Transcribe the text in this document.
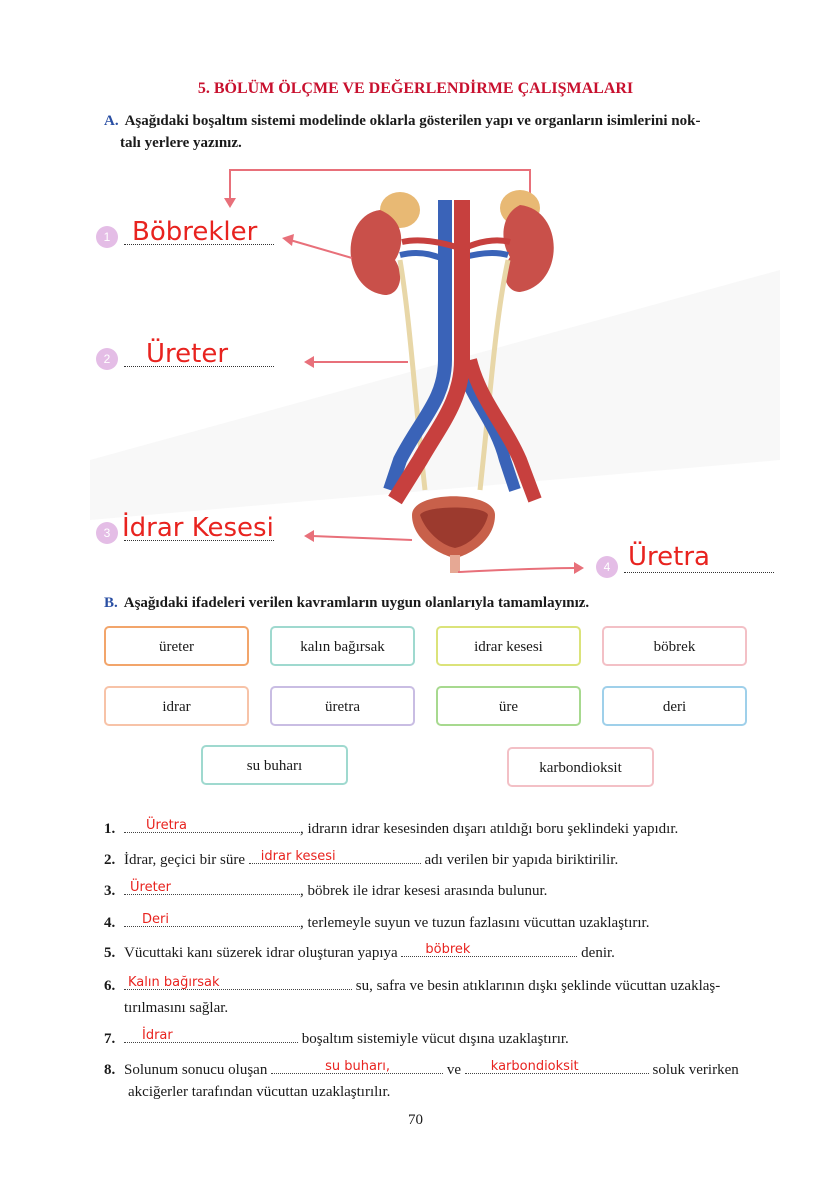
5. BÖLÜM ÖLÇME VE DEĞERLENDİRME ÇALIŞMALARI
A. Aşağıdaki boşaltım sistemi modelinde oklarla gösterilen yapı ve organların isimlerini nok-
talı yerlere yazınız.
1 Böbrekler
2 Üreter
3 İdrar Kesesi
4 Üretra
B. Aşağıdaki ifadeleri verilen kavramların uygun olanlarıyla tamamlayınız.
üreter	kalın bağırsak	idrar kesesi	böbrek
idrar	üretra	üre	deri
su buharı	karbondioksit
1. Üretra	, idrarın idrar kesesinden dışarı atıldığı boru şeklindeki yapıdır.
2. İdrar, geçici bir süre idrar kesesi	adı verilen bir yapıda biriktirilir.
3. Üreter	, böbrek ile idrar kesesi arasında bulunur.
4. Deri	, terlemeyle suyun ve tuzun fazlasını vücuttan uzaklaştırır.
5. Vücuttaki kanı süzerek idrar oluşturan yapıya böbrek	denir.
6. Kalın bağırsak	su, safra ve besin atıklarının dışkı şeklinde vücuttan uzaklaş-
tırılmasını sağlar.
7. İdrar	boşaltım sistemiyle vücut dışına uzaklaştırır.
8. Solunum sonucu oluşan	su buharı,	ve karbondioksit	soluk verirken
akciğerler tarafından vücuttan uzaklaştırılır.
70
